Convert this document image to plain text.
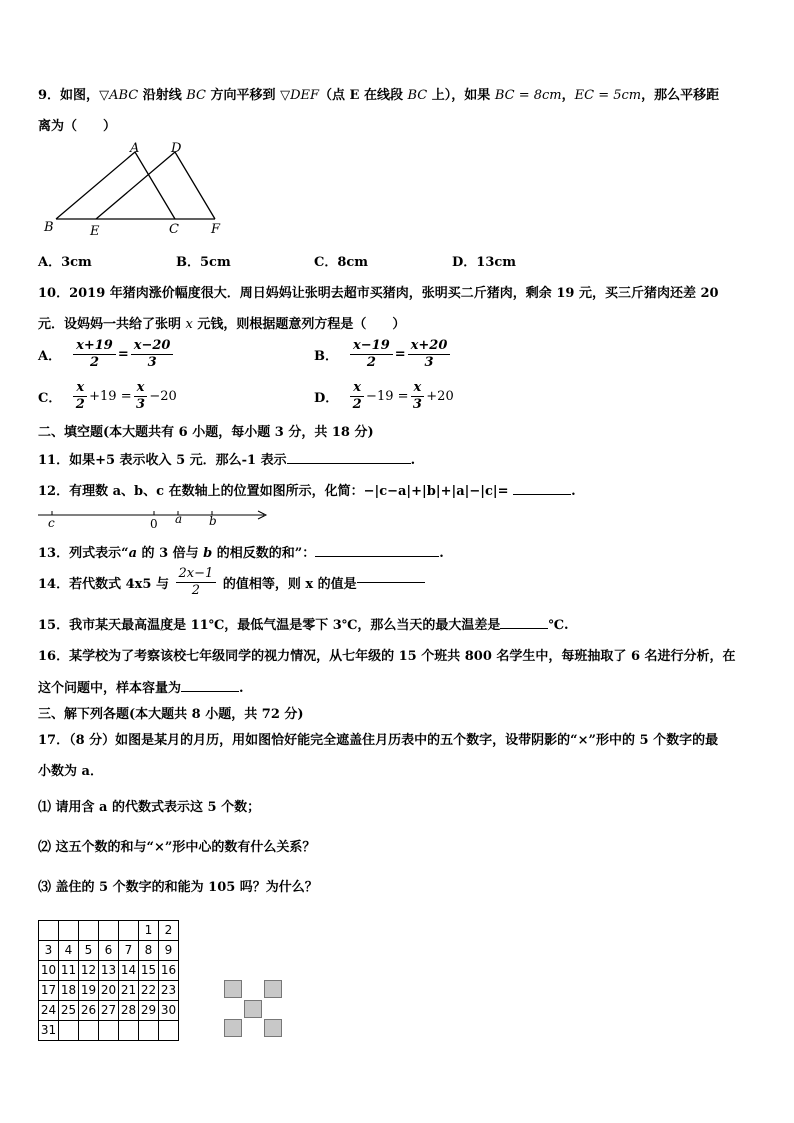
9．如图，▽ABC 沿射线 BC 方向平移到 ▽DEF（点 E 在线段 BC 上），如果 BC = 8cm，EC = 5cm，那么平移距
离为（　　）
A D
B	E	C F
A．3cm	B．5cm	C．8cm	D．13cm
10．2019 年猪肉涨价幅度很大．周日妈妈让张明去超市买猪肉，张明买二斤猪肉，剩余 19 元，买三斤猪肉还差 20
元．设妈妈一共给了张明 x 元钱，则根据题意列方程是（　　）
A． $\frac{x+19}{2} = \frac{x-20}{3}$	B． $\frac{x-19}{2} = \frac{x+20}{3}$
C． $\frac{x}{2} +19 = \frac{x}{3} -20$	D． $\frac{x}{2} -19 = \frac{x}{3} +20$
二、填空题(本大题共有 6 小题，每小题 3 分，共 18 分)
11．如果+5 表示收入 5 元．那么-1 表示	.
12．有理数 a、b、c 在数轴上的位置如图所示，化简：−|c−a|+|b|+|a|−|c|=	.
c	0 a b
13．列式表示“a 的 3 倍与 b 的相反数的和”：	.
14．若代数式 4x5 与 $\frac{2x-1}{2}$ 的值相等，则 x 的值是
15．我市某天最高温度是 11℃，最低气温是零下 3℃，那么当天的最大温差是	℃.
16．某学校为了考察该校七年级同学的视力情况，从七年级的 15 个班共 800 名学生中，每班抽取了 6 名进行分析，在
这个问题中，样本容量为	.
三、解下列各题(本大题共 8 小题，共 72 分)
17．（8 分）如图是某月的月历，用如图恰好能完全遮盖住月历表中的五个数字，设带阴影的“×”形中的 5 个数字的最
小数为 a．
⑴ 请用含 a 的代数式表示这 5 个数；
⑵ 这五个数的和与“×”形中心的数有什么关系？
⑶ 盖住的 5 个数字的和能为 105 吗？为什么？
					1	2
3	4	5	6	7	8	9
10	11	12	13	14	15	16
17	18	19	20	21	22	23
24	25	26	27	28	29	30
31						
